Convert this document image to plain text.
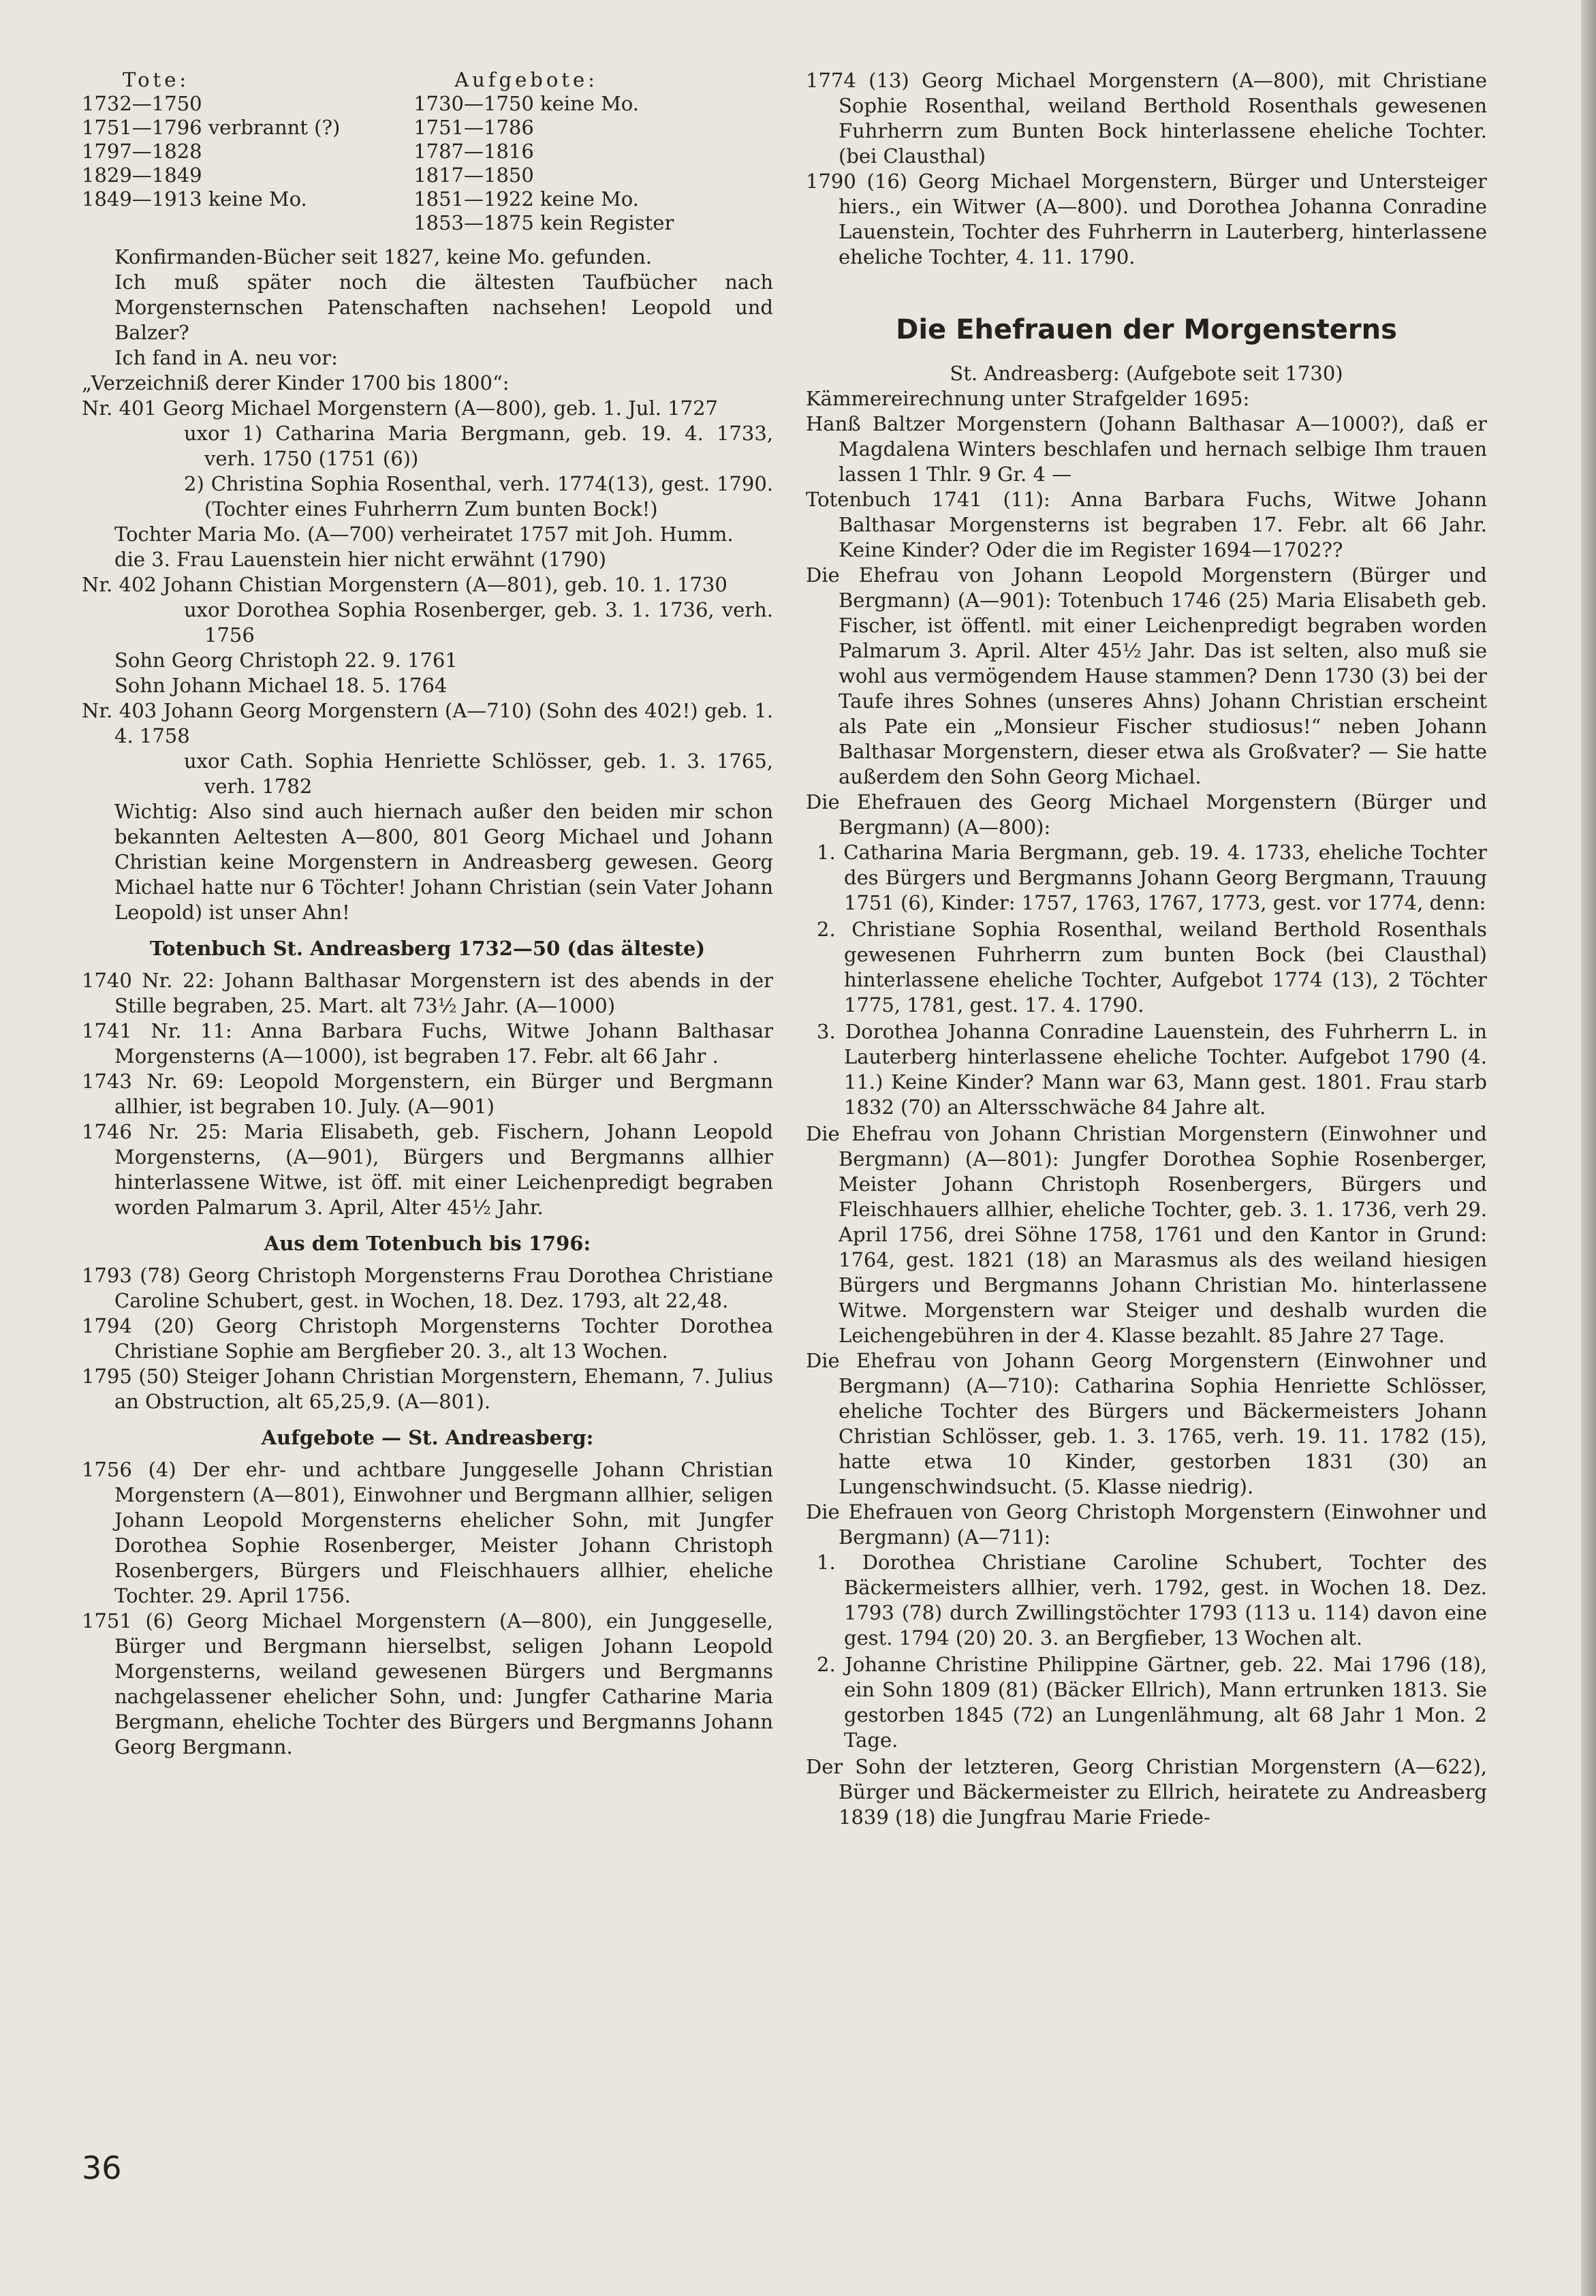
Tote:	Aufgebote:
1732—1750	1730—1750 keine Mo.
1751—1796 verbrannt (?)	1751—1786
1797—1828	1787—1816
1829—1849	1817—1850
1849—1913 keine Mo.	1851—1922 keine Mo.
	1853—1875 kein Register

Konfirmanden-Bücher seit 1827, keine Mo. gefunden.

Ich muß später noch die ältesten Taufbücher nach Morgensternschen Patenschaften nachsehen! Leopold und Balzer?

Ich fand in A. neu vor:

„Verzeichniß derer Kinder 1700 bis 1800“:

Nr. 401 Georg Michael Morgenstern (A—800), geb. 1. Jul. 1727

uxor 1) Catharina Maria Bergmann, geb. 19. 4. 1733, verh. 1750 (1751 (6))

2) Christina Sophia Rosenthal, verh. 1774(13), gest. 1790. (Tochter eines Fuhrherrn Zum bunten Bock!)

Tochter Maria Mo. (A—700) verheiratet 1757 mit Joh. Humm.

die 3. Frau Lauenstein hier nicht erwähnt (1790)

Nr. 402 Johann Chistian Morgenstern (A—801), geb. 10. 1. 1730

uxor Dorothea Sophia Rosenberger, geb. 3. 1. 1736, verh. 1756

Sohn Georg Christoph 22. 9. 1761

Sohn Johann Michael 18. 5. 1764

Nr. 403 Johann Georg Morgenstern (A—710) (Sohn des 402!) geb. 1. 4. 1758

uxor Cath. Sophia Henriette Schlösser, geb. 1. 3. 1765, verh. 1782

Wichtig: Also sind auch hiernach außer den beiden mir schon bekannten Aeltesten A—800, 801 Georg Michael und Johann Christian keine Morgenstern in Andreasberg gewesen. Georg Michael hatte nur 6 Töchter! Johann Christian (sein Vater Johann Leopold) ist unser Ahn!

Totenbuch St. Andreasberg 1732—50 (das älteste)

1740 Nr. 22: Johann Balthasar Morgenstern ist des abends in der Stille begraben, 25. Mart. alt 73½ Jahr. (A—1000)

1741 Nr. 11: Anna Barbara Fuchs, Witwe Johann Balthasar Morgensterns (A—1000), ist begraben 17. Febr. alt 66 Jahr .

1743 Nr. 69: Leopold Morgenstern, ein Bürger und Bergmann allhier, ist begraben 10. July. (A—901)

1746 Nr. 25: Maria Elisabeth, geb. Fischern, Johann Leopold Morgensterns, (A—901), Bürgers und Bergmanns allhier hinterlassene Witwe, ist öff. mit einer Leichenpredigt begraben worden Palmarum 3. April, Alter 45½ Jahr.

Aus dem Totenbuch bis 1796:

1793 (78) Georg Christoph Morgensterns Frau Dorothea Christiane Caroline Schubert, gest. in Wochen, 18. Dez. 1793, alt 22,48.

1794 (20) Georg Christoph Morgensterns Tochter Dorothea Christiane Sophie am Bergfieber 20. 3., alt 13 Wochen.

1795 (50) Steiger Johann Christian Morgenstern, Ehemann, 7. Julius an Obstruction, alt 65,25,9. (A—801).

Aufgebote — St. Andreasberg:

1756 (4) Der ehr- und achtbare Junggeselle Johann Christian Morgenstern (A—801), Einwohner und Bergmann allhier, seligen Johann Leopold Morgensterns ehelicher Sohn, mit Jungfer Dorothea Sophie Rosenberger, Meister Johann Christoph Rosenbergers, Bürgers und Fleischhauers allhier, eheliche Tochter. 29. April 1756.

1751 (6) Georg Michael Morgenstern (A—800), ein Junggeselle, Bürger und Bergmann hierselbst, seligen Johann Leopold Morgensterns, weiland gewesenen Bürgers und Bergmanns nachgelassener ehelicher Sohn, und: Jungfer Catharine Maria Bergmann, eheliche Tochter des Bürgers und Bergmanns Johann Georg Bergmann.

1774 (13) Georg Michael Morgenstern (A—800), mit Christiane Sophie Rosenthal, weiland Berthold Rosenthals gewesenen Fuhrherrn zum Bunten Bock hinterlassene eheliche Tochter. (bei Clausthal)

1790 (16) Georg Michael Morgenstern, Bürger und Untersteiger hiers., ein Witwer (A—800). und Dorothea Johanna Conradine Lauenstein, Tochter des Fuhrherrn in Lauterberg, hinterlassene eheliche Tochter, 4. 11. 1790.

Die Ehefrauen der Morgensterns

St. Andreasberg: (Aufgebote seit 1730)

Kämmereirechnung unter Strafgelder 1695:

Hanß Baltzer Morgenstern (Johann Balthasar A—1000?), daß er Magdalena Winters beschlafen und hernach selbige Ihm trauen lassen 1 Thlr. 9 Gr. 4 —

Totenbuch 1741 (11): Anna Barbara Fuchs, Witwe Johann Balthasar Morgensterns ist begraben 17. Febr. alt 66 Jahr. Keine Kinder? Oder die im Register 1694—1702??

Die Ehefrau von Johann Leopold Morgenstern (Bürger und Bergmann) (A—901): Totenbuch 1746 (25) Maria Elisabeth geb. Fischer, ist öffentl. mit einer Leichenpredigt begraben worden Palmarum 3. April. Alter 45½ Jahr. Das ist selten, also muß sie wohl aus vermögendem Hause stammen? Denn 1730 (3) bei der Taufe ihres Sohnes (unseres Ahns) Johann Christian erscheint als Pate ein „Monsieur Fischer studiosus!“ neben Johann Balthasar Morgenstern, dieser etwa als Großvater? — Sie hatte außerdem den Sohn Georg Michael.

Die Ehefrauen des Georg Michael Morgenstern (Bürger und Bergmann) (A—800):

1. Catharina Maria Bergmann, geb. 19. 4. 1733, eheliche Tochter des Bürgers und Bergmanns Johann Georg Bergmann, Trauung 1751 (6), Kinder: 1757, 1763, 1767, 1773, gest. vor 1774, denn:
2. Christiane Sophia Rosenthal, weiland Berthold Rosenthals gewesenen Fuhrherrn zum bunten Bock (bei Clausthal) hinterlassene eheliche Tochter, Aufgebot 1774 (13), 2 Töchter 1775, 1781, gest. 17. 4. 1790.
3. Dorothea Johanna Conradine Lauenstein, des Fuhrherrn L. in Lauterberg hinterlassene eheliche Tochter. Aufgebot 1790 (4. 11.) Keine Kinder? Mann war 63, Mann gest. 1801. Frau starb 1832 (70) an Altersschwäche 84 Jahre alt.

Die Ehefrau von Johann Christian Morgenstern (Einwohner und Bergmann) (A—801): Jungfer Dorothea Sophie Rosenberger, Meister Johann Christoph Rosenbergers, Bürgers und Fleischhauers allhier, eheliche Tochter, geb. 3. 1. 1736, verh 29. April 1756, drei Söhne 1758, 1761 und den Kantor in Grund: 1764, gest. 1821 (18) an Marasmus als des weiland hiesigen Bürgers und Bergmanns Johann Christian Mo. hinterlassene Witwe. Morgenstern war Steiger und deshalb wurden die Leichengebühren in der 4. Klasse bezahlt. 85 Jahre 27 Tage.

Die Ehefrau von Johann Georg Morgenstern (Einwohner und Bergmann) (A—710): Catharina Sophia Henriette Schlösser, eheliche Tochter des Bürgers und Bäckermeisters Johann Christian Schlösser, geb. 1. 3. 1765, verh. 19. 11. 1782 (15), hatte etwa 10 Kinder, gestorben 1831 (30) an Lungenschwindsucht. (5. Klasse niedrig).

Die Ehefrauen von Georg Christoph Morgenstern (Einwohner und Bergmann) (A—711):

1. Dorothea Christiane Caroline Schubert, Tochter des Bäckermeisters allhier, verh. 1792, gest. in Wochen 18. Dez. 1793 (78) durch Zwillingstöchter 1793 (113 u. 114) davon eine gest. 1794 (20) 20. 3. an Bergfieber, 13 Wochen alt.
2. Johanne Christine Philippine Gärtner, geb. 22. Mai 1796 (18), ein Sohn 1809 (81) (Bäcker Ellrich), Mann ertrunken 1813. Sie gestorben 1845 (72) an Lungenlähmung, alt 68 Jahr 1 Mon. 2 Tage.

Der Sohn der letzteren, Georg Christian Morgenstern (A—622), Bürger und Bäckermeister zu Ellrich, heiratete zu Andreasberg 1839 (18) die Jungfrau Marie Friede-

36
